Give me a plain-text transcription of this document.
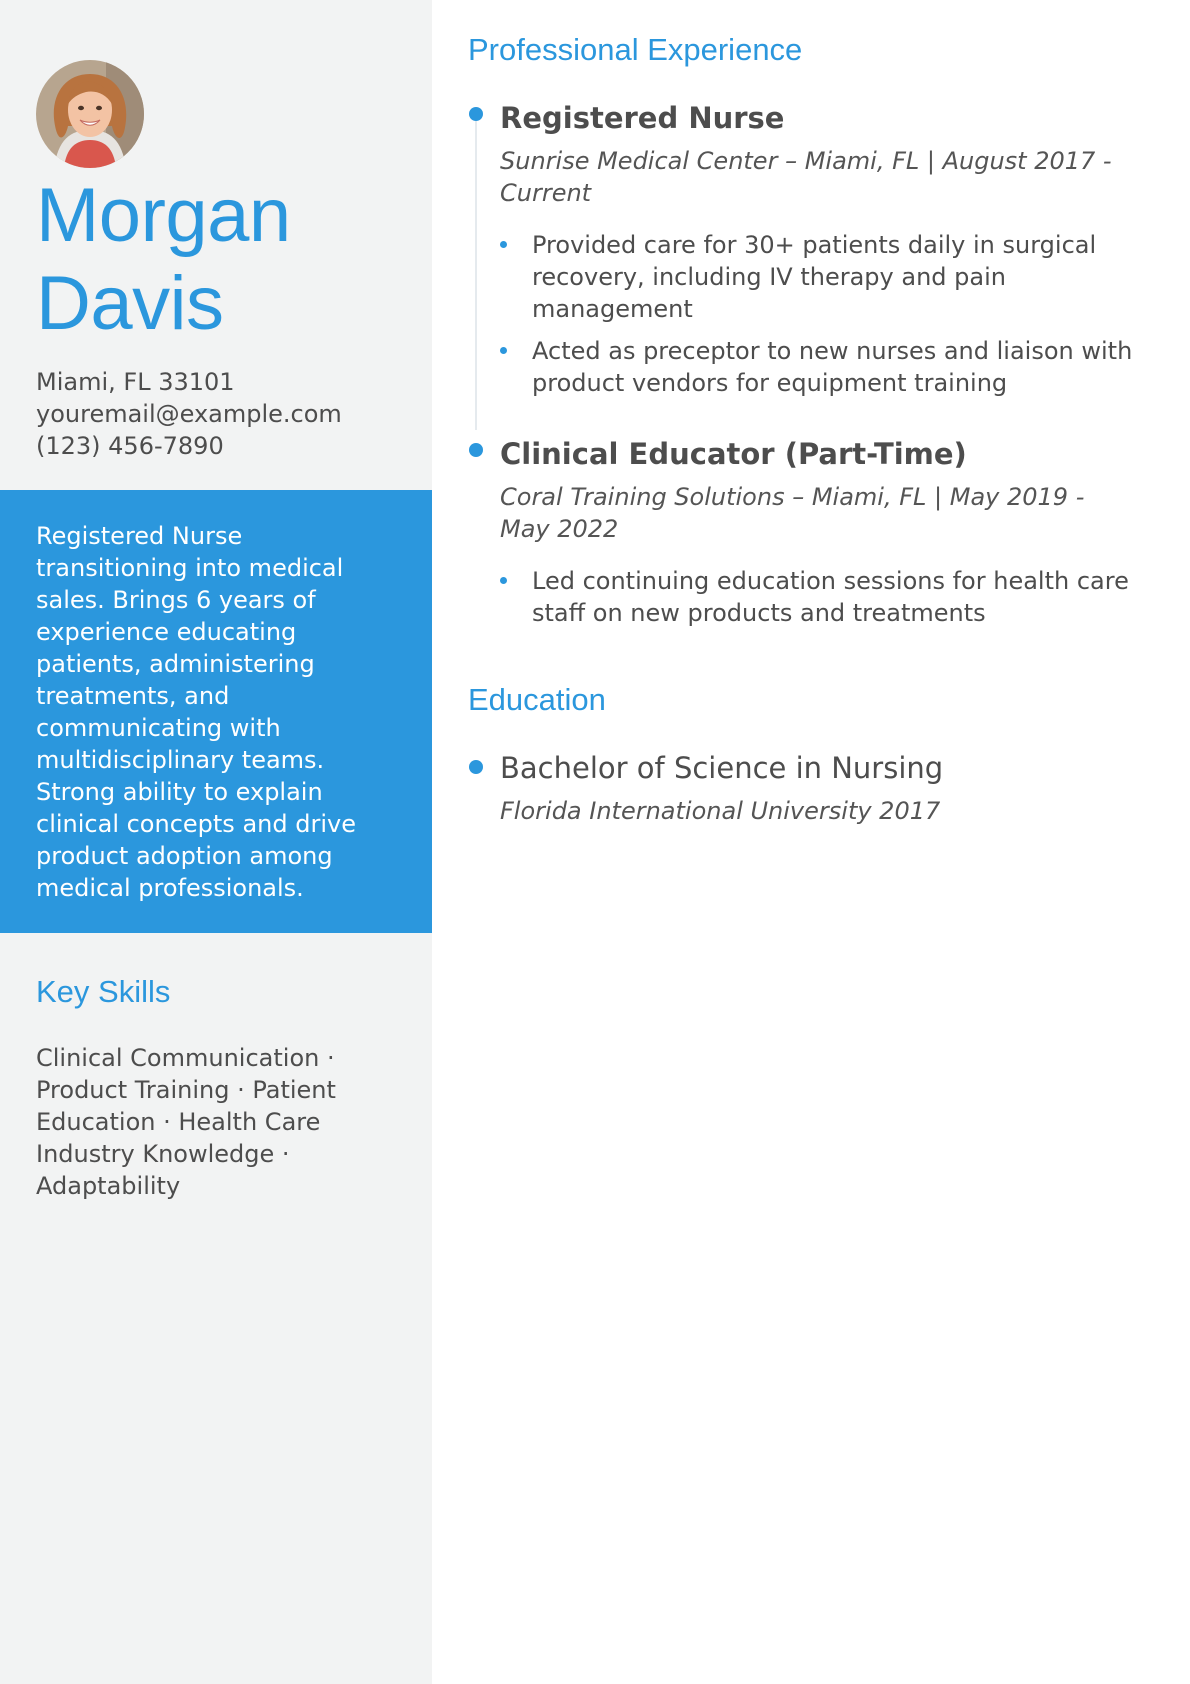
Morgan
Davis
Miami, FL 33101
youremail@example.com
(123) 456-7890
Registered Nurse transitioning into medical sales. Brings 6 years of experience educating patients, administering treatments, and communicating with multidisciplinary teams. Strong ability to explain clinical concepts and drive product adoption among medical professionals.
Key Skills
Clinical Communication · Product Training · Patient Education · Health Care Industry Knowledge · Adaptability
Professional Experience
Registered Nurse
Sunrise Medical Center – Miami, FL | August 2017 - Current
Provided care for 30+ patients daily in surgical recovery, including IV therapy and pain management
Acted as preceptor to new nurses and liaison with product vendors for equipment training
Clinical Educator (Part-Time)
Coral Training Solutions – Miami, FL | May 2019 - May 2022
Led continuing education sessions for health care staff on new products and treatments
Education
Bachelor of Science in Nursing
Florida International University 2017
